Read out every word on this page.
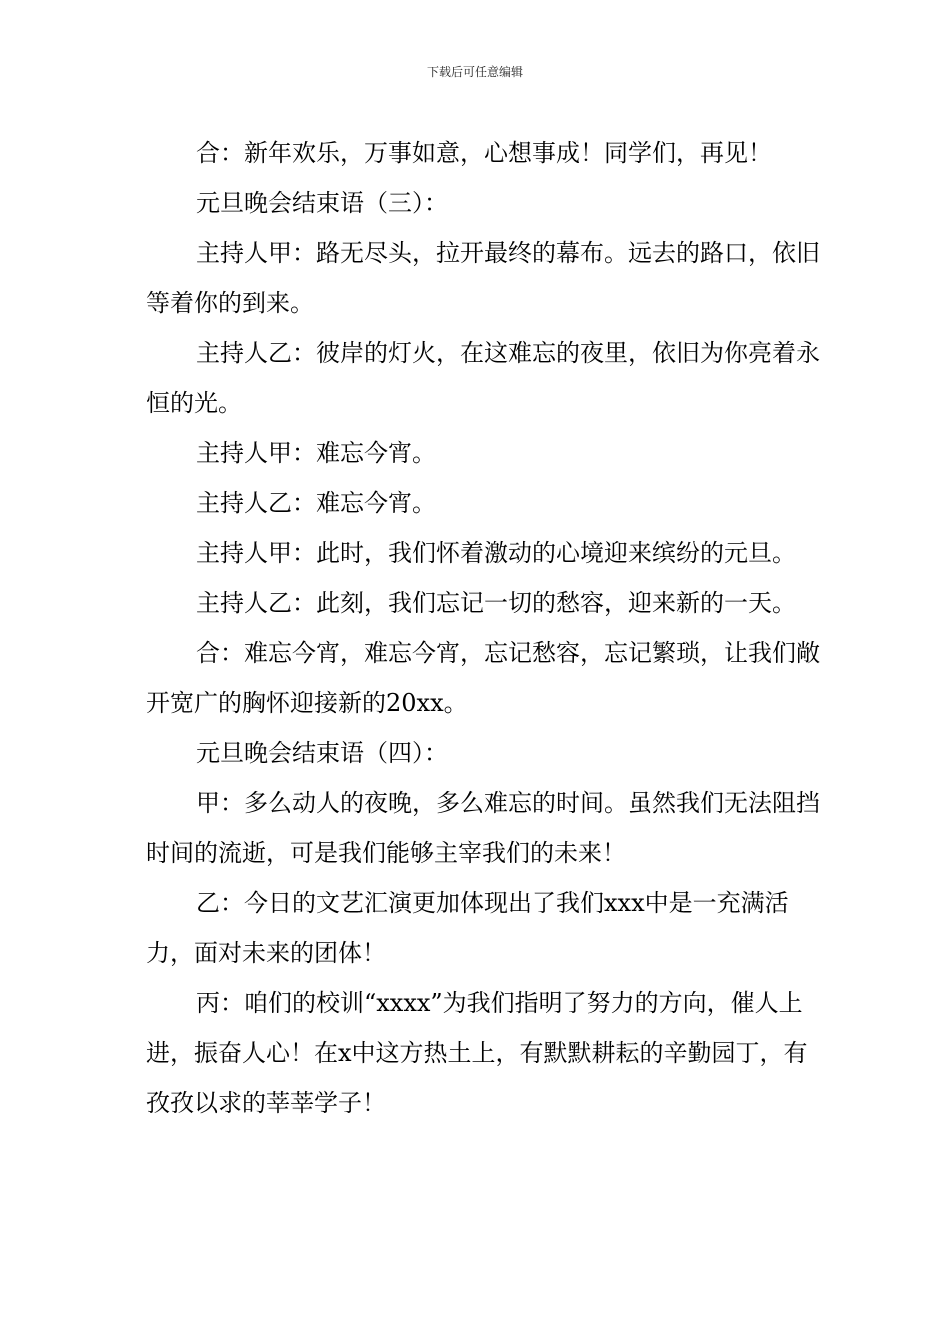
下载后可任意编辑

合：新年欢乐，万事如意，心想事成！同学们，再见！

元旦晚会结束语（三）：

主持人甲：路无尽头，拉开最终的幕布。远去的路口，依旧等着你的到来。

主持人乙：彼岸的灯火，在这难忘的夜里，依旧为你亮着永恒的光。

主持人甲：难忘今宵。

主持人乙：难忘今宵。

主持人甲：此时，我们怀着激动的心境迎来缤纷的元旦。

主持人乙：此刻，我们忘记一切的愁容，迎来新的一天。

合：难忘今宵，难忘今宵，忘记愁容，忘记繁琐，让我们敞开宽广的胸怀迎接新的20xx。

元旦晚会结束语（四）：

甲：多么动人的夜晚，多么难忘的时间。虽然我们无法阻挡时间的流逝，可是我们能够主宰我们的未来！

乙：今日的文艺汇演更加体现出了我们xxx中是一充满活力，面对未来的团体！

丙：咱们的校训“xxxx”为我们指明了努力的方向，催人上进，振奋人心！在x中这方热土上，有默默耕耘的辛勤园丁，有孜孜以求的莘莘学子！
